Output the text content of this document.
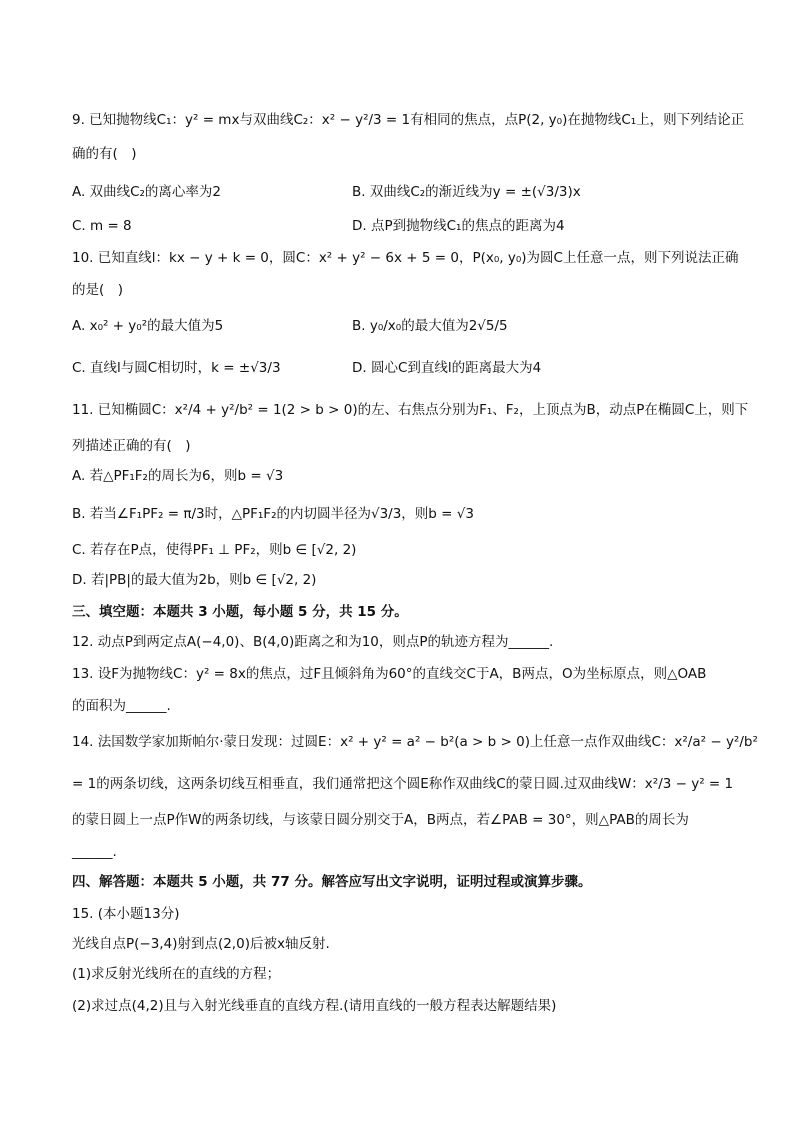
9. 已知抛物线C₁：y² = mx与双曲线C₂：x² − y²/3 = 1有相同的焦点，点P(2, y₀)在抛物线C₁上，则下列结论正
确的有(　)
A. 双曲线C₂的离心率为2	B. 双曲线C₂的渐近线为y = ±(√3/3)x
C. m = 8	D. 点P到抛物线C₁的焦点的距离为4
10. 已知直线l：kx − y + k = 0，圆C：x² + y² − 6x + 5 = 0，P(x₀, y₀)为圆C上任意一点，则下列说法正确
的是(　)
A. x₀² + y₀²的最大值为5	B. y₀/x₀的最大值为2√5/5
C. 直线l与圆C相切时，k = ±√3/3	D. 圆心C到直线l的距离最大为4
11. 已知椭圆C：x²/4 + y²/b² = 1(2 > b > 0)的左、右焦点分别为F₁、F₂，上顶点为B，动点P在椭圆C上，则下
列描述正确的有(　)
A. 若△PF₁F₂的周长为6，则b = √3
B. 若当∠F₁PF₂ = π/3时，△PF₁F₂的内切圆半径为√3/3，则b = √3
C. 若存在P点，使得PF₁ ⊥ PF₂，则b ∈ [√2, 2)
D. 若|PB|的最大值为2b，则b ∈ [√2, 2)
三、填空题：本题共 3 小题，每小题 5 分，共 15 分。
12. 动点P到两定点A(−4,0)、B(4,0)距离之和为10，则点P的轨迹方程为______.
13. 设F为抛物线C：y² = 8x的焦点，过F且倾斜角为60°的直线交C于A，B两点，O为坐标原点，则△OAB
的面积为______.
14. 法国数学家加斯帕尔·蒙日发现：过圆E：x² + y² = a² − b²(a > b > 0)上任意一点作双曲线C：x²/a² − y²/b²
= 1的两条切线，这两条切线互相垂直，我们通常把这个圆E称作双曲线C的蒙日圆.过双曲线W：x²/3 − y² = 1
的蒙日圆上一点P作W的两条切线，与该蒙日圆分别交于A，B两点，若∠PAB = 30°，则△PAB的周长为
______.
四、解答题：本题共 5 小题，共 77 分。解答应写出文字说明，证明过程或演算步骤。
15. (本小题13分)
光线自点P(−3,4)射到点(2,0)后被x轴反射.
(1)求反射光线所在的直线的方程；
(2)求过点(4,2)且与入射光线垂直的直线方程.(请用直线的一般方程表达解题结果)
